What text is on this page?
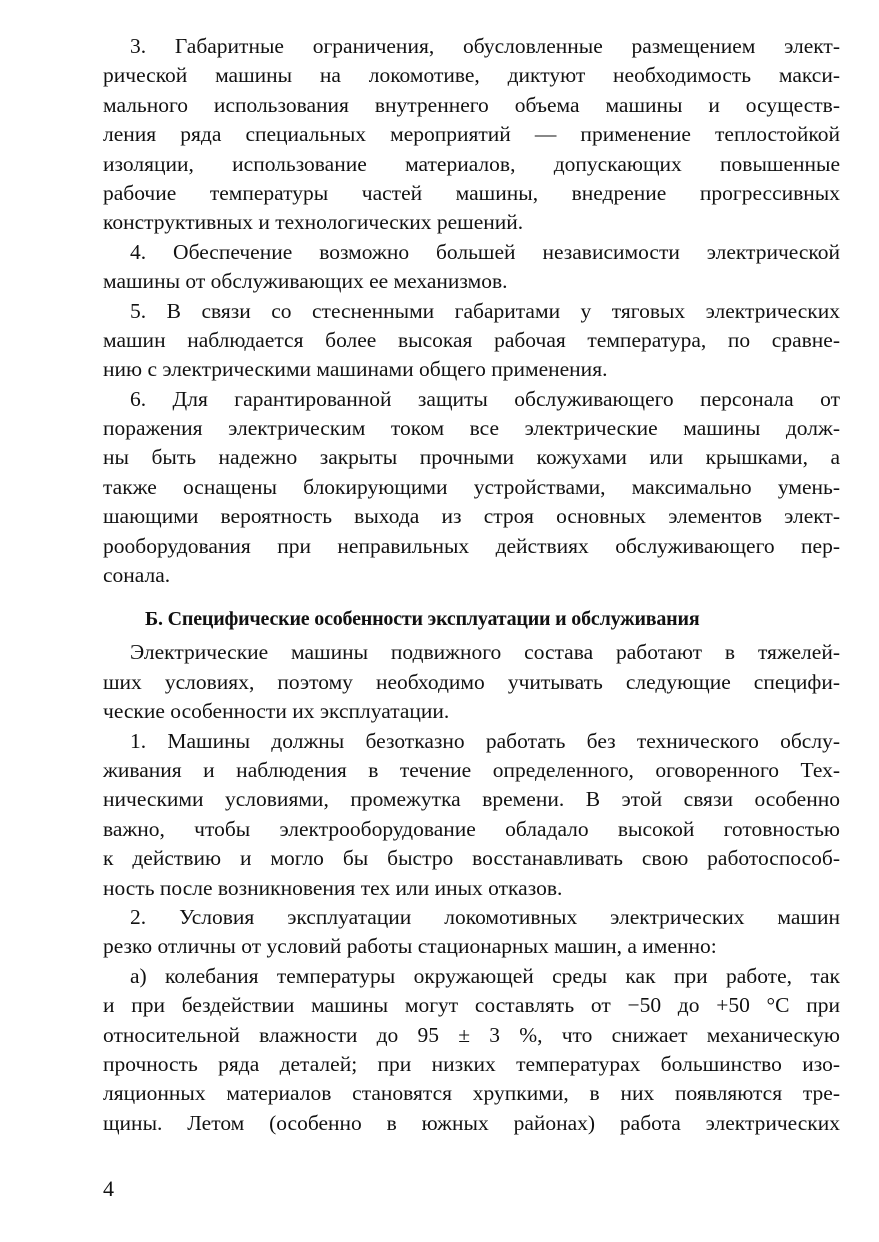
3. Габаритные ограничения, обусловленные размещением элект-
рической машины на локомотиве, диктуют необходимость макси-
мального использования внутреннего объема машины и осуществ-
ления ряда специальных мероприятий — применение теплостойкой
изоляции, использование материалов, допускающих повышенные
рабочие температуры частей машины, внедрение прогрессивных
конструктивных и технологических решений.
4. Обеспечение возможно большей независимости электрической
машины от обслуживающих ее механизмов.
5. В связи со стесненными габаритами у тяговых электрических
машин наблюдается более высокая рабочая температура, по сравне-
нию с электрическими машинами общего применения.
6. Для гарантированной защиты обслуживающего персонала от
поражения электрическим током все электрические машины долж-
ны быть надежно закрыты прочными кожухами или крышками, а
также оснащены блокирующими устройствами, максимально умень-
шающими вероятность выхода из строя основных элементов элект-
рооборудования при неправильных действиях обслуживающего пер-
сонала.
Б. Специфические особенности эксплуатации и обслуживания
Электрические машины подвижного состава работают в тяжелей-
ших условиях, поэтому необходимо учитывать следующие специфи-
ческие особенности их эксплуатации.
1. Машины должны безотказно работать без технического обслу-
живания и наблюдения в течение определенного, оговоренного Тех-
ническими условиями, промежутка времени. В этой связи особенно
важно, чтобы электрооборудование обладало высокой готовностью
к действию и могло бы быстро восстанавливать свою работоспособ-
ность после возникновения тех или иных отказов.
2. Условия эксплуатации локомотивных электрических машин
резко отличны от условий работы стационарных машин, а именно:
а) колебания температуры окружающей среды как при работе, так
и при бездействии машины могут составлять от −50 до +50 °С при
относительной влажности до 95 ± 3 %, что снижает механическую
прочность ряда деталей; при низких температурах большинство изо-
ляционных материалов становятся хрупкими, в них появляются тре-
щины. Летом (особенно в южных районах) работа электрических
4
